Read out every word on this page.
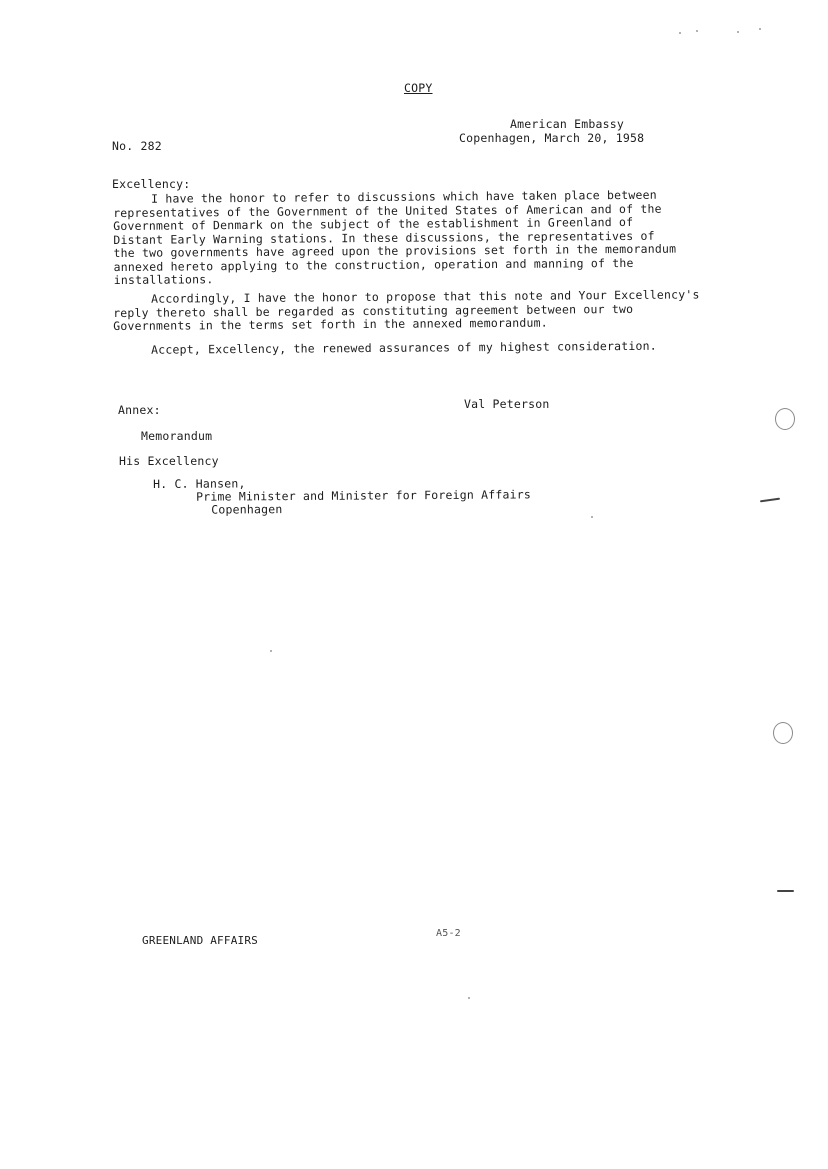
COPY
American Embassy
Copenhagen, March 20, 1958
No. 282
Excellency:
I have the honor to refer to discussions which have taken place between
representatives of the Government of the United States of American and of the
Government of Denmark on the subject of the establishment in Greenland of
Distant Early Warning stations. In these discussions, the representatives of
the two governments have agreed upon the provisions set forth in the memorandum
annexed hereto applying to the construction, operation and manning of the
installations.
Accordingly, I have the honor to propose that this note and Your Excellency's
reply thereto shall be regarded as constituting agreement between our two
Governments in the terms set forth in the annexed memorandum.
Accept, Excellency, the renewed assurances of my highest consideration.
Val Peterson
Annex:
Memorandum
His Excellency
H. C. Hansen,
Prime Minister and Minister for Foreign Affairs
Copenhagen
GREENLAND AFFAIRS
A5-2
